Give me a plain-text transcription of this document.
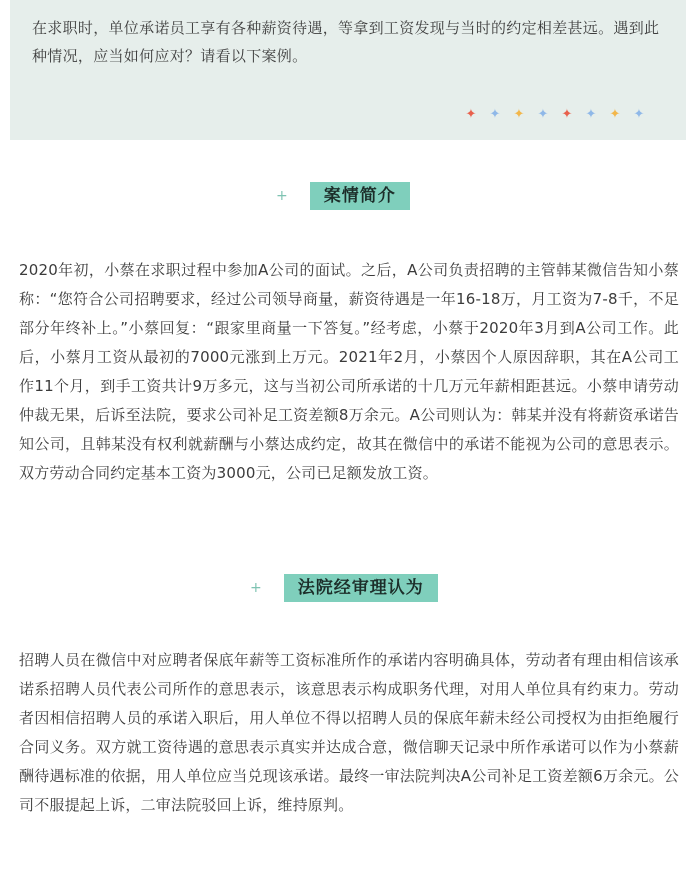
在求职时，单位承诺员工享有各种薪资待遇，等拿到工资发现与当时的约定相差甚远。遇到此种情况，应当如何应对？请看以下案例。

✦ ✦ ✦ ✦ ✦ ✦ ✦ ✦
+	案情简介

2020年初，小蔡在求职过程中参加A公司的面试。之后，A公司负责招聘的主管韩某微信告知小蔡称：“您符合公司招聘要求，经过公司领导商量，薪资待遇是一年16-18万，月工资为7-8千，不足部分年终补上。”小蔡回复：“跟家里商量一下答复。”经考虑，小蔡于2020年3月到A公司工作。此后，小蔡月工资从最初的7000元涨到上万元。2021年2月，小蔡因个人原因辞职，其在A公司工作11个月，到手工资共计9万多元，这与当初公司所承诺的十几万元年薪相距甚远。小蔡申请劳动仲裁无果，后诉至法院，要求公司补足工资差额8万余元。A公司则认为：韩某并没有将薪资承诺告知公司，且韩某没有权利就薪酬与小蔡达成约定，故其在微信中的承诺不能视为公司的意思表示。双方劳动合同约定基本工资为3000元，公司已足额发放工资。

+	法院经审理认为

招聘人员在微信中对应聘者保底年薪等工资标准所作的承诺内容明确具体，劳动者有理由相信该承诺系招聘人员代表公司所作的意思表示，该意思表示构成职务代理，对用人单位具有约束力。劳动者因相信招聘人员的承诺入职后，用人单位不得以招聘人员的保底年薪未经公司授权为由拒绝履行合同义务。双方就工资待遇的意思表示真实并达成合意，微信聊天记录中所作承诺可以作为小蔡薪酬待遇标准的依据，用人单位应当兑现该承诺。最终一审法院判决A公司补足工资差额6万余元。公司不服提起上诉，二审法院驳回上诉，维持原判。
